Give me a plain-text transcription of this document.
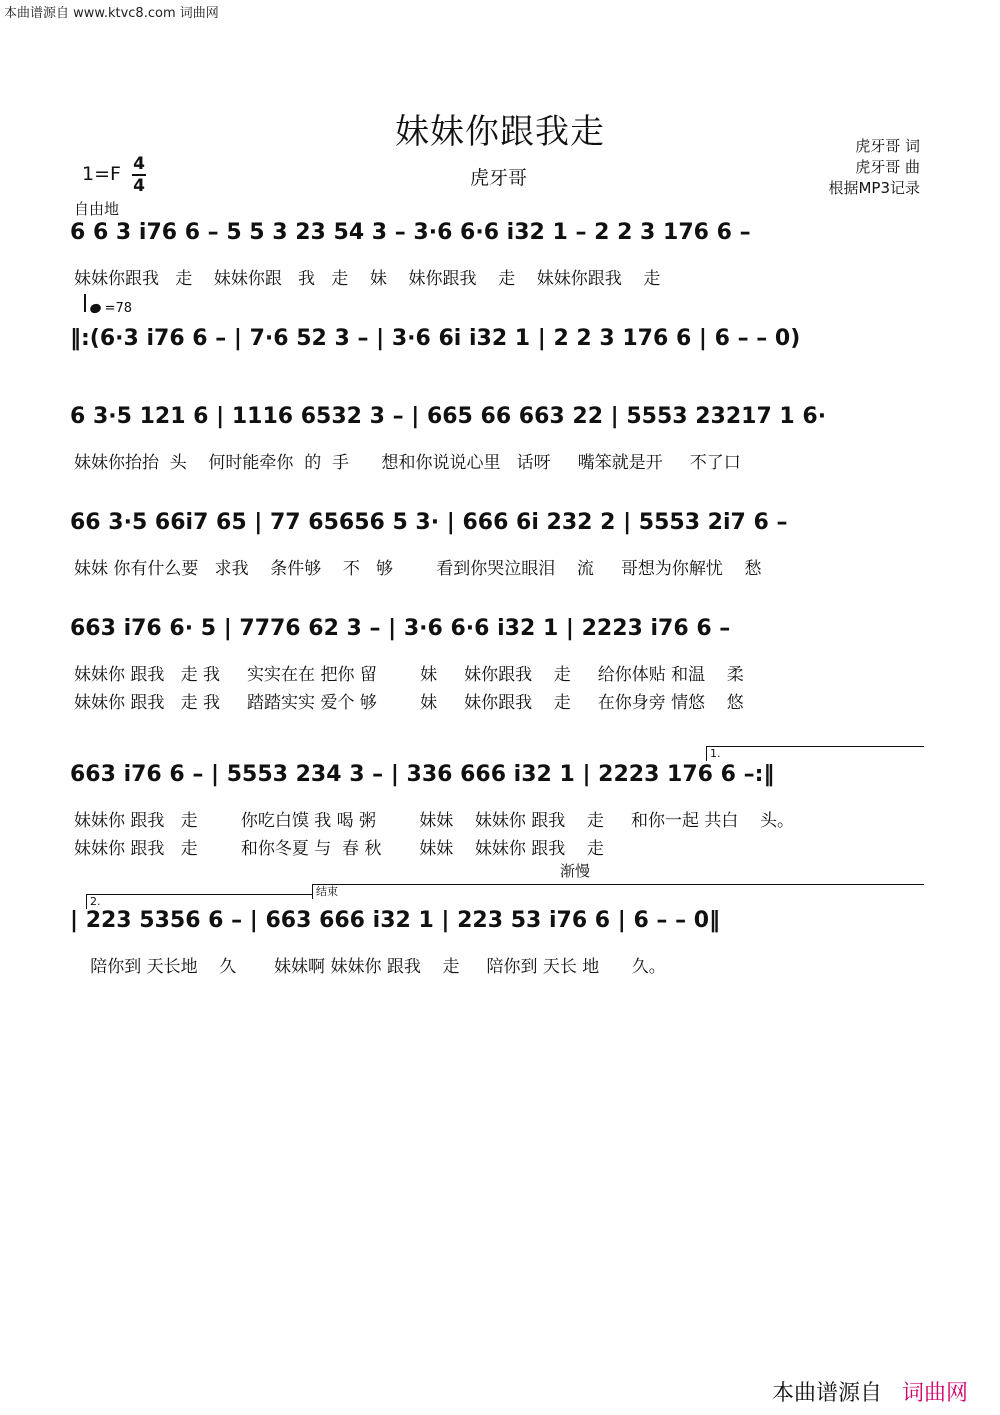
本曲谱源自 www.ktvc8.com 词曲网
妹妹你跟我走
虎牙哥
虎牙哥 词
虎牙哥 曲
根据MP3记录
1=F 4
4
自由地
=78
6 6 3 i76 6 – 5 5 3 23 54 3 – 3·6 6·6 i32 1 – 2 2 3 176 6 –
妹妹你跟我   走    妹妹你跟   我   走    妹    妹你跟我    走    妹妹你跟我    走
‖:(6·3 i76 6 – | 7·6 52 3 – | 3·6 6i i32 1 | 2 2 3 176 6 | 6 – – 0)
6 3·5 121 6 | 1116 6532 3 – | 665 66 663 22 | 5553 23217 1 6·
妹妹你抬抬  头    何时能牵你  的  手      想和你说说心里   话呀     嘴笨就是开     不了口
66 3·5 66i7 65 | 77 65656 5 3· | 666 6i 232 2 | 5553 2i7 6 –
妹妹 你有什么要   求我    条件够    不   够        看到你哭泣眼泪    流     哥想为你解忧    愁
663 i76 6· 5 | 7776 62 3 – | 3·6 6·6 i32 1 | 2223 i76 6 –
妹妹你 跟我   走 我     实实在在 把你 留        妹     妹你跟我    走     给你体贴 和温    柔
妹妹你 跟我   走 我     踏踏实实 爱个 够        妹     妹你跟我    走     在你身旁 情悠    悠
1.
663 i76 6 – | 5553 234 3 – | 336 666 i32 1 | 2223 176 6 –:‖
妹妹你 跟我   走        你吃白馍 我 喝 粥        妹妹    妹妹你 跟我    走     和你一起 共白    头。
妹妹你 跟我   走        和你冬夏 与  春 秋       妹妹    妹妹你 跟我    走
渐慢
2.
结束
| 223 5356 6 – | 663 666 i32 1 | 223 53 i76 6 | 6 – – 0‖
陪你到 天长地    久       妹妹啊 妹妹你 跟我    走     陪你到 天长 地      久。
本曲谱源自 词曲网
